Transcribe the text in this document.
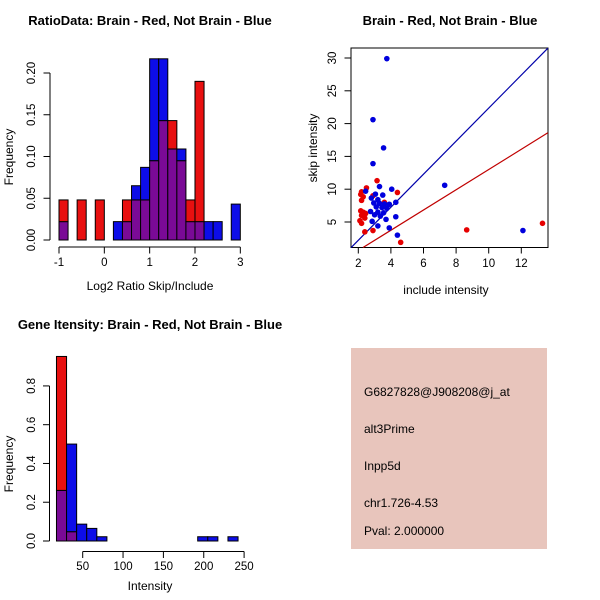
RatioData: Brain - Red, Not Brain - Blue
0.00
0.05
0.10
0.15
0.20
-1	0	1	2	3
Log2 Ratio Skip/Include
Frequency
Brain - Red, Not Brain - Blue
2 4 6 8 10 12
5
10
15
20
25
30
include intensity
skip intensity
Gene Itensity: Brain - Red, Not Brain - Blue
0.0
0.2
0.4
0.6
0.8
50 100 150 200 250
Intensity
Frequency
G6827828@J908208@j_at
alt3Prime
Inpp5d
chr1.726-4.53
Pval: 2.000000
